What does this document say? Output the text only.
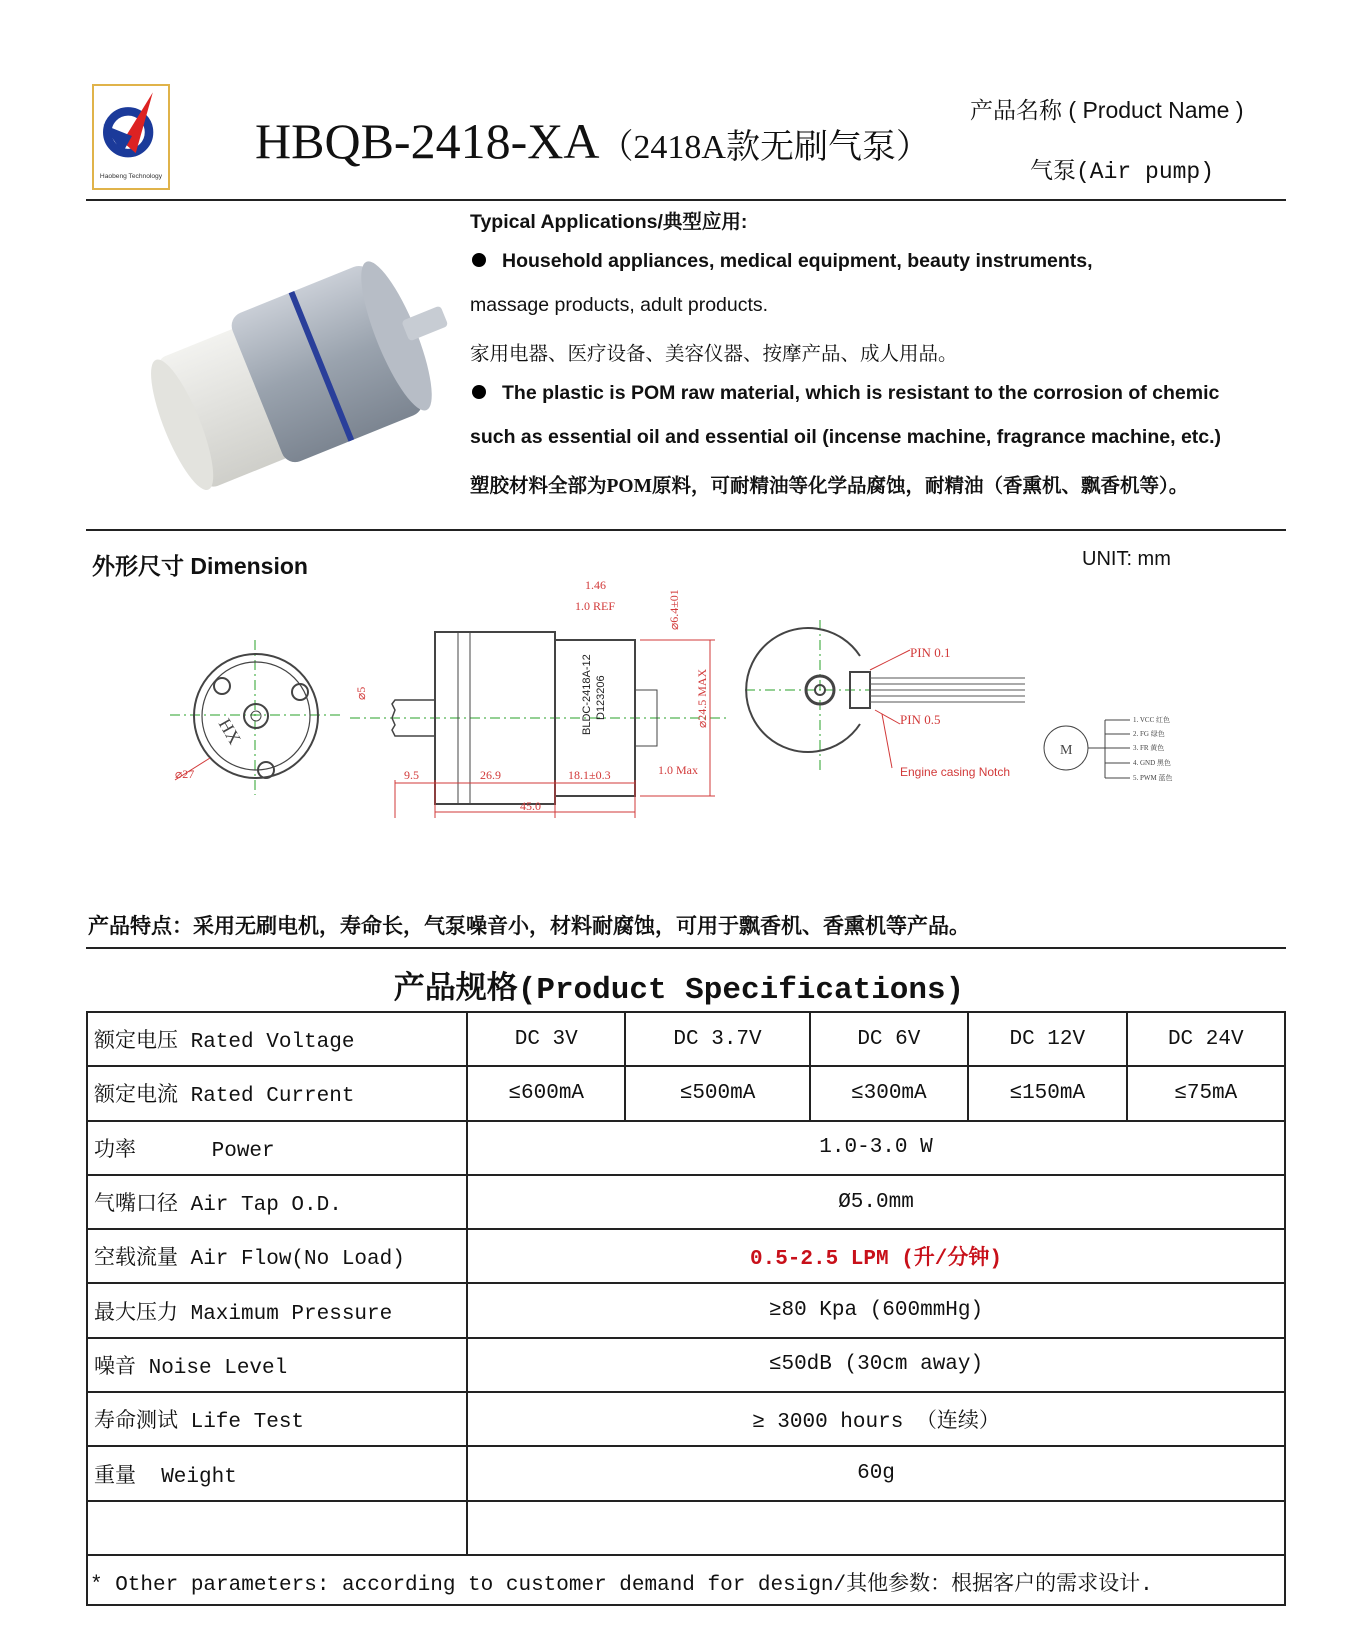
Haobeng Technology
HBQB-2418-XA（2418A款无刷气泵）
产品名称 ( Product Name )
气泵(Air pump)
Typical Applications/典型应用:
Household appliances, medical equipment, beauty instruments,
massage products, adult products.
家用电器、医疗设备、美容仪器、按摩产品、成人用品。
The plastic is POM raw material, which is resistant to the corrosion of chemic
such as essential oil and essential oil (incense machine, fragrance machine, etc.)
塑胶材料全部为POM原料，可耐精油等化学品腐蚀，耐精油（香熏机、飘香机等）。
外形尺寸 Dimension	UNIT: mm
HX
⌀27
BLDC-2418A-12 D123206
9.5	26.9	18.1±0.3
45.0
⌀5
1.46
1.0 REF	⌀6.4±01
⌀24.5 MAX
1.0 Max
PIN 0.1
PIN 0.5
Engine casing Notch
M
1. VCC 红色
2. FG 绿色
3. FR 黄色
4. GND 黑色
5. PWM 蓝色
产品特点：采用无刷电机，寿命长，气泵噪音小，材料耐腐蚀，可用于飘香机、香熏机等产品。
产品规格(Product Specifications)
额定电压 Rated Voltage	DC 3V	DC 3.7V	DC 6V	DC 12V	DC 24V
额定电流 Rated Current	≤600mA	≤500mA	≤300mA	≤150mA	≤75mA
功率      Power	1.0-3.0 W				
气嘴口径 Air Tap O.D.	Ø5.0mm				
空载流量 Air Flow(No Load)	0.5-2.5 LPM (升/分钟)				
最大压力 Maximum Pressure	≥80 Kpa (600mmHg)				
噪音 Noise Level	≤50dB (30cm away)				
寿命测试 Life Test	≥ 3000 hours （连续）				
重量  Weight	60g				

* Other parameters: according to customer demand for design/其他参数：根据客户的需求设计.
